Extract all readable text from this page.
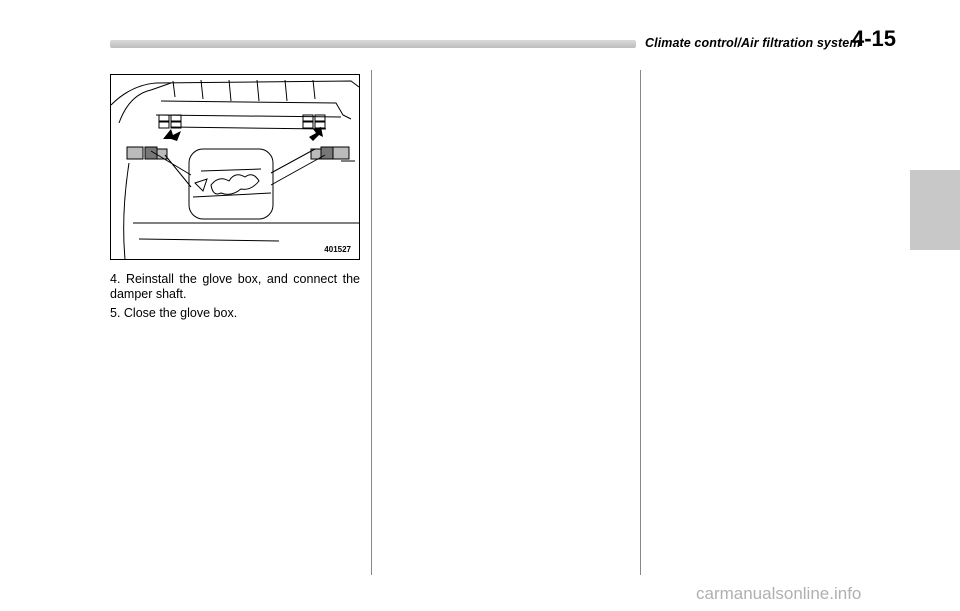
Climate control/Air filtration system
4-15
401527
4. Reinstall the glove box, and connect the damper shaft.
5. Close the glove box.
carmanualsonline.info
